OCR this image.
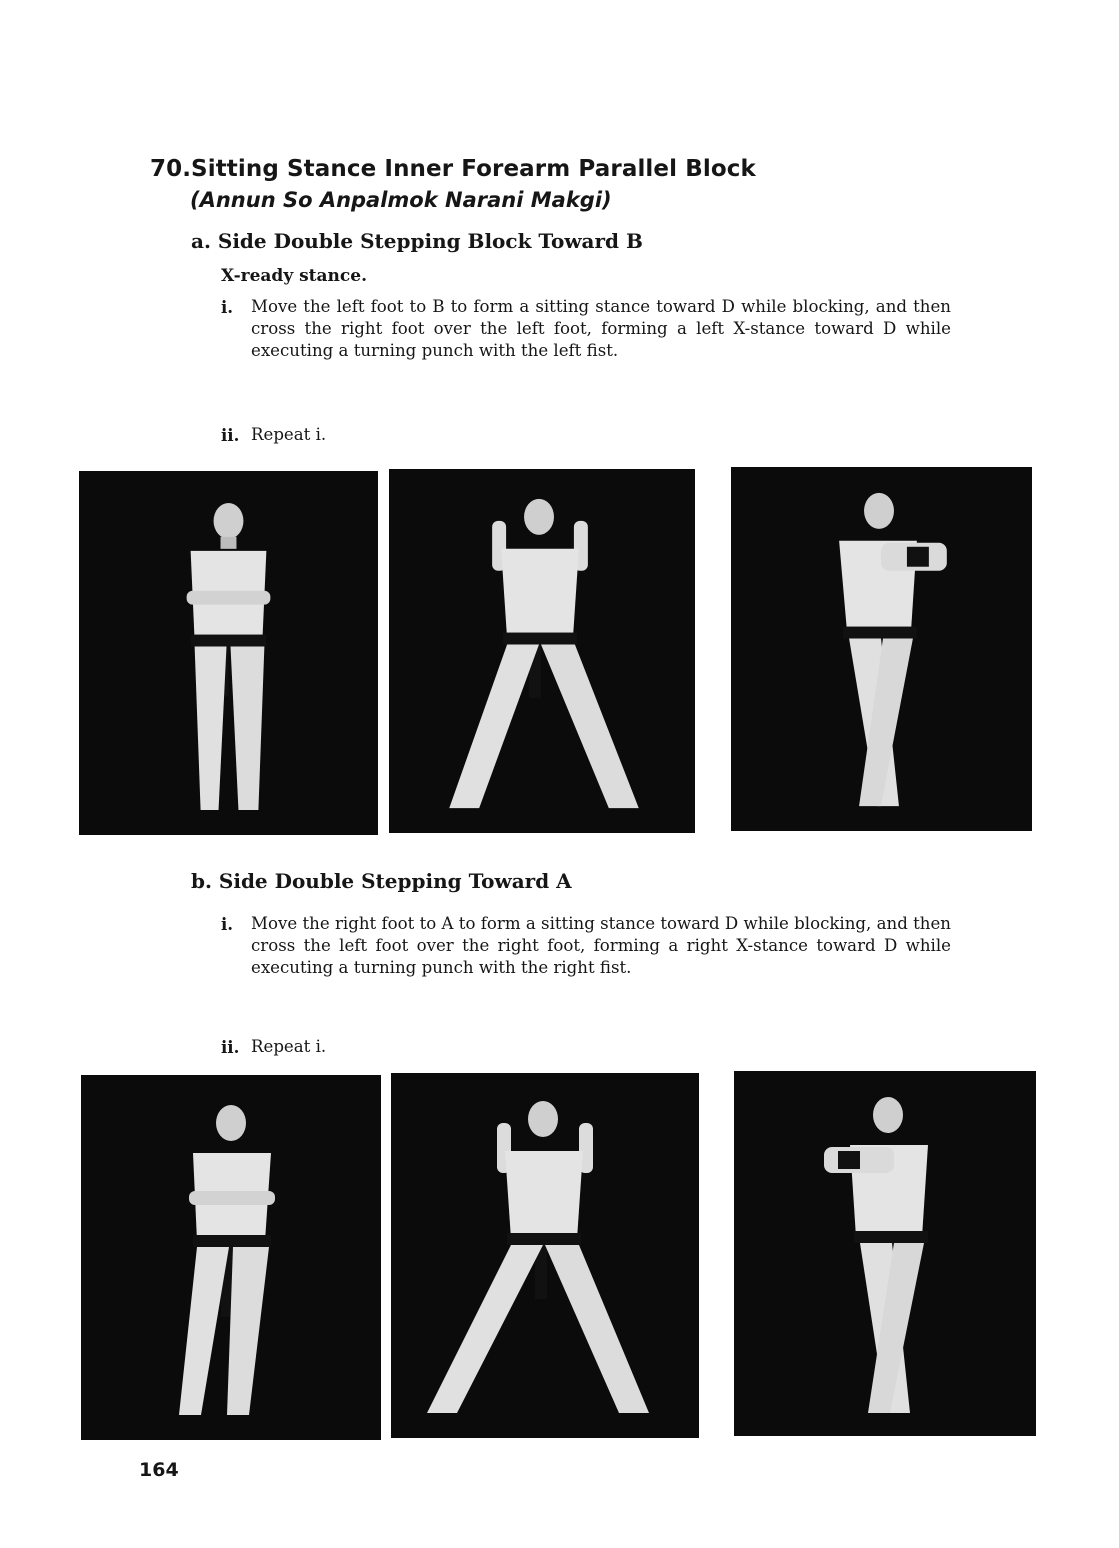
70.Sitting Stance Inner Forearm Parallel Block
(Annun So Anpalmok Narani Makgi)
a. Side Double Stepping Block Toward B

X-ready stance.

i.	Move the left foot to B to form a sitting stance toward D while blocking, and then cross the right foot over the left foot, forming a left X-stance toward D while executing a turning punch with the left fist.
ii. Repeat i.
b. Side Double Stepping Toward A
i.	Move the right foot to A to form a sitting stance toward D while blocking, and then cross the left foot over the right foot, forming a right X-stance toward D while executing a turning punch with the right fist.
ii. Repeat i.

164
